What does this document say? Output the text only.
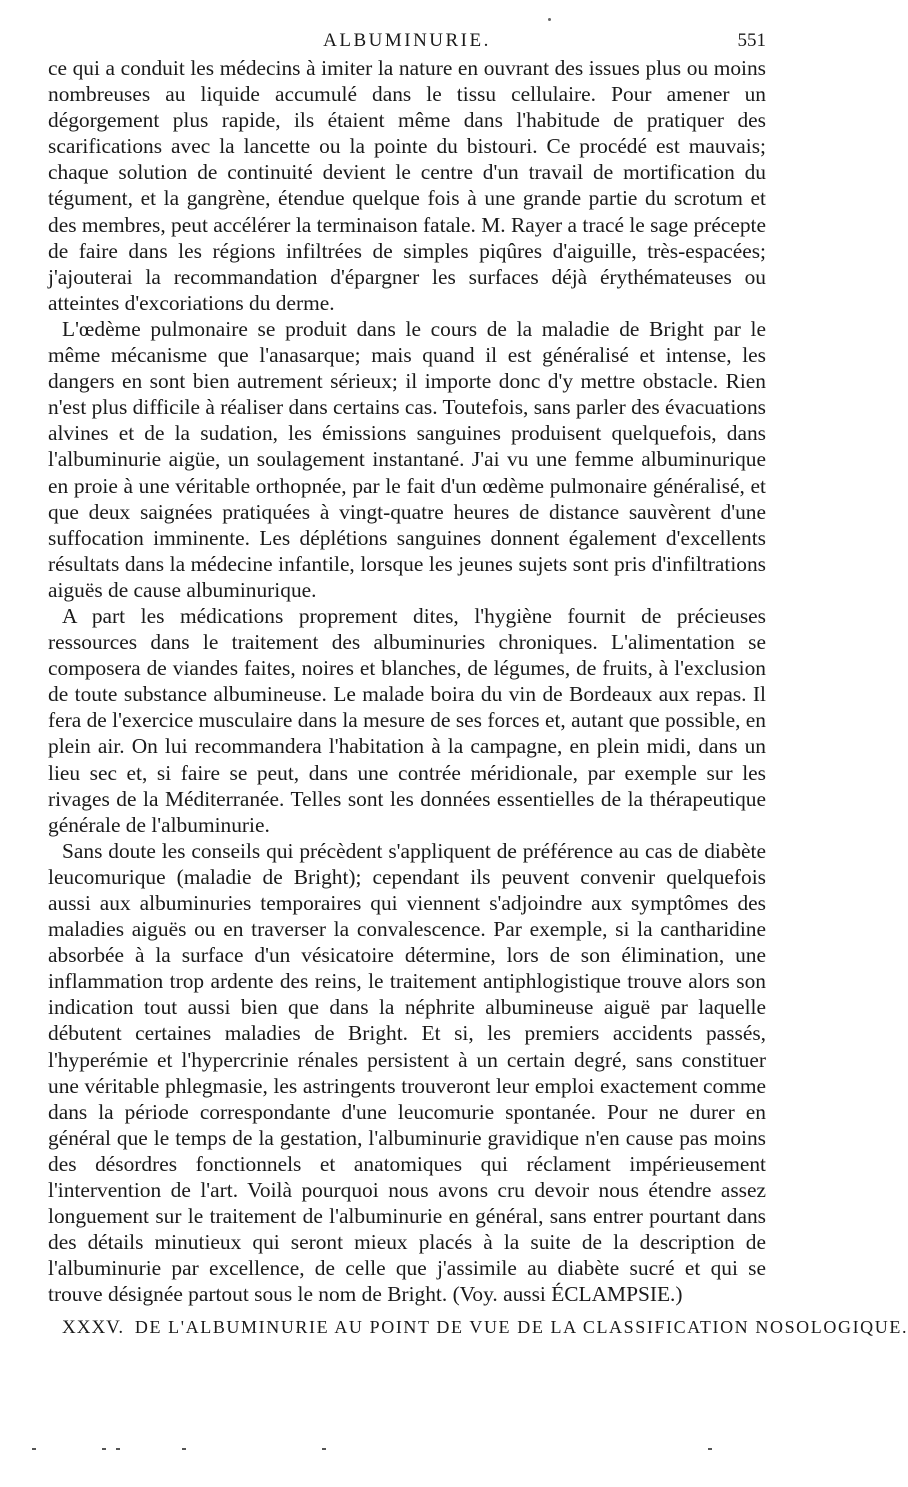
ALBUMINURIE.	551

ce qui a conduit les médecins à imiter la nature en ouvrant des issues plus ou moins nombreuses au liquide accumulé dans le tissu cellulaire. Pour amener un dégorgement plus rapide, ils étaient même dans l'habitude de pratiquer des scarifications avec la lancette ou la pointe du bistouri. Ce procédé est mauvais; chaque solution de continuité devient le centre d'un travail de mortification du tégument, et la gangrène, étendue quelque fois à une grande partie du scrotum et des membres, peut accélérer la terminaison fatale. M. Rayer a tracé le sage précepte de faire dans les régions infiltrées de simples piqûres d'aiguille, très-espacées; j'ajouterai la recommandation d'épargner les surfaces déjà érythémateuses ou atteintes d'excoriations du derme.

L'œdème pulmonaire se produit dans le cours de la maladie de Bright par le même mécanisme que l'anasarque; mais quand il est généralisé et intense, les dangers en sont bien autrement sérieux; il importe donc d'y mettre obstacle. Rien n'est plus difficile à réaliser dans certains cas. Toutefois, sans parler des évacuations alvines et de la sudation, les émissions sanguines produisent quelquefois, dans l'albuminurie aigüe, un soulagement instantané. J'ai vu une femme albuminurique en proie à une véritable orthopnée, par le fait d'un œdème pulmonaire généralisé, et que deux saignées pratiquées à vingt-quatre heures de distance sauvèrent d'une suffocation imminente. Les déplétions sanguines donnent également d'excellents résultats dans la médecine infantile, lorsque les jeunes sujets sont pris d'infiltrations aiguës de cause albuminurique.

A part les médications proprement dites, l'hygiène fournit de précieuses ressources dans le traitement des albuminuries chroniques. L'alimentation se composera de viandes faites, noires et blanches, de légumes, de fruits, à l'exclusion de toute substance albumineuse. Le malade boira du vin de Bordeaux aux repas. Il fera de l'exercice musculaire dans la mesure de ses forces et, autant que possible, en plein air. On lui recommandera l'habitation à la campagne, en plein midi, dans un lieu sec et, si faire se peut, dans une contrée méridionale, par exemple sur les rivages de la Méditerranée. Telles sont les données essentielles de la thérapeutique générale de l'albuminurie.

Sans doute les conseils qui précèdent s'appliquent de préférence au cas de diabète leucomurique (maladie de Bright); cependant ils peuvent convenir quelquefois aussi aux albuminuries temporaires qui viennent s'adjoindre aux symptômes des maladies aiguës ou en traverser la convalescence. Par exemple, si la cantharidine absorbée à la surface d'un vésicatoire détermine, lors de son élimination, une inflammation trop ardente des reins, le traitement antiphlogistique trouve alors son indication tout aussi bien que dans la néphrite albumineuse aiguë par laquelle débutent certaines maladies de Bright. Et si, les premiers accidents passés, l'hyperémie et l'hypercrinie rénales persistent à un certain degré, sans constituer une véritable phlegmasie, les astringents trouveront leur emploi exactement comme dans la période correspondante d'une leucomurie spontanée. Pour ne durer en général que le temps de la gestation, l'albuminurie gravidique n'en cause pas moins des désordres fonctionnels et anatomiques qui réclament impérieusement l'intervention de l'art. Voilà pourquoi nous avons cru devoir nous étendre assez longuement sur le traitement de l'albuminurie en général, sans entrer pourtant dans des détails minutieux qui seront mieux placés à la suite de la description de l'albuminurie par excellence, de celle que j'assimile au diabète sucré et qui se trouve désignée partout sous le nom de Bright. (Voy. aussi ÉCLAMPSIE.)

XXXV. DE L'ALBUMINURIE AU POINT DE VUE DE LA CLASSIFICATION NOSOLOGIQUE.
